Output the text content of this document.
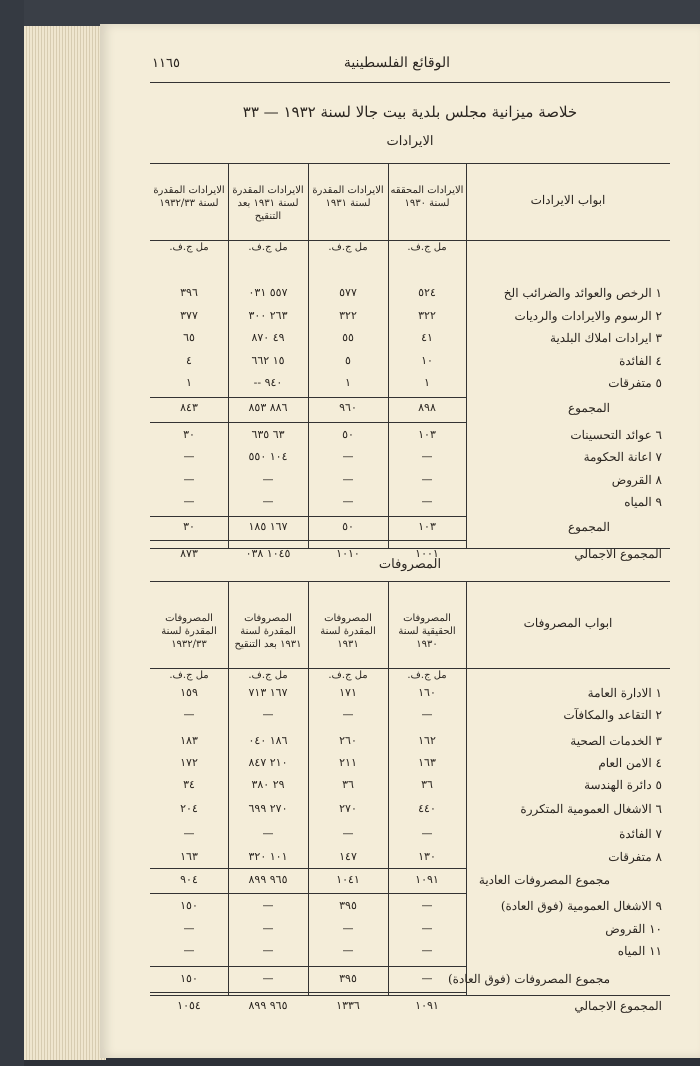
١١٦٥	الوقائع الفلسطينية
خلاصة ميزانية مجلس بلدية بيت جالا لسنة ١٩٣٢ — ٣٣
الايرادات
ابواب الايرادات
الايرادات المحققه لسنة ١٩٣٠
الايرادات المقدرة لسنة ١٩٣١
الايرادات المقدرة لسنة ١٩٣١ بعد التنقيح
الايرادات المقدرة لسنة ١٩٣٢/٣٣
مل ج.ف.
مل ج.ف.
مل ج.ف.
مل ج.ف.
١ الرخص والعوائد والضرائب الخ
٥٢٤
٥٧٧
٥٥٧ ٠٣١
٣٩٦
٢ الرسوم والايرادات والرديات
٣٢٢
٣٢٢
٢٦٣ ٣٠٠
٣٧٧
٣ ايرادات املاك البلدية
٤١
٥٥
٤٩ ٨٧٠
٦٥
٤ الفائدة
١٠
٥
١٥ ٦٦٢
٤
٥ متفرقات
١
١
٩٤٠ --
١
المجموع
٨٩٨
٩٦٠
٨٨٦ ٨٥٣
٨٤٣
٦ عوائد التحسينات
١٠٣
٥٠
٦٣ ٦٣٥
٣٠
٧ اعانة الحكومة
—
—
١٠٤ ٥٥٠
—
٨ القروض
—
—
—
—
٩ المياه
—
—
—
—
المجموع
١٠٣
٥٠
١٦٧ ١٨٥
٣٠
المجموع الاجمالي
١٠٠١
١٠١٠
١٠٤٥ ٠٣٨
٨٧٣
المصروفات
ابواب المصروفات
المصروفات الحقيقية لسنة ١٩٣٠
المصروفات المقدرة لسنة ١٩٣١
المصروفات المقدرة لسنة ١٩٣١ بعد التنقيح
المصروفات المقدرة لسنة ١٩٣٢/٣٣
مل ج.ف.
مل ج.ف.
مل ج.ف.
مل ج.ف.
١ الادارة العامة
١٦٠
١٧١
١٦٧ ٧١٣
١٥٩
٢ التقاعد والمكافآت
—
—
—
—
٣ الخدمات الصحية
١٦٢
٢٦٠
١٨٦ ٠٤٠
١٨٣
٤ الامن العام
١٦٣
٢١١
٢١٠ ٨٤٧
١٧٢
٥ دائرة الهندسة
٣٦
٣٦
٢٩ ٣٨٠
٣٤
٦ الاشغال العمومية المتكررة
٤٤٠
٢٧٠
٢٧٠ ٦٩٩
٢٠٤
٧ الفائدة
—
—
—
—
٨ متفرقات
١٣٠
١٤٧
١٠١ ٣٢٠
١٦٣
مجموع المصروفات العادية
١٠٩١
١٠٤١
٩٦٥ ٨٩٩
٩٠٤
٩ الاشغال العمومية (فوق العادة)
—
٣٩٥
—
١٥٠
١٠ القروض
—
—
—
—
١١ المياه
—
—
—
—
مجموع المصروفات (فوق العادة)
—
٣٩٥
—
١٥٠
المجموع الاجمالي
١٠٩١
١٣٣٦
٩٦٥ ٨٩٩
١٠٥٤
